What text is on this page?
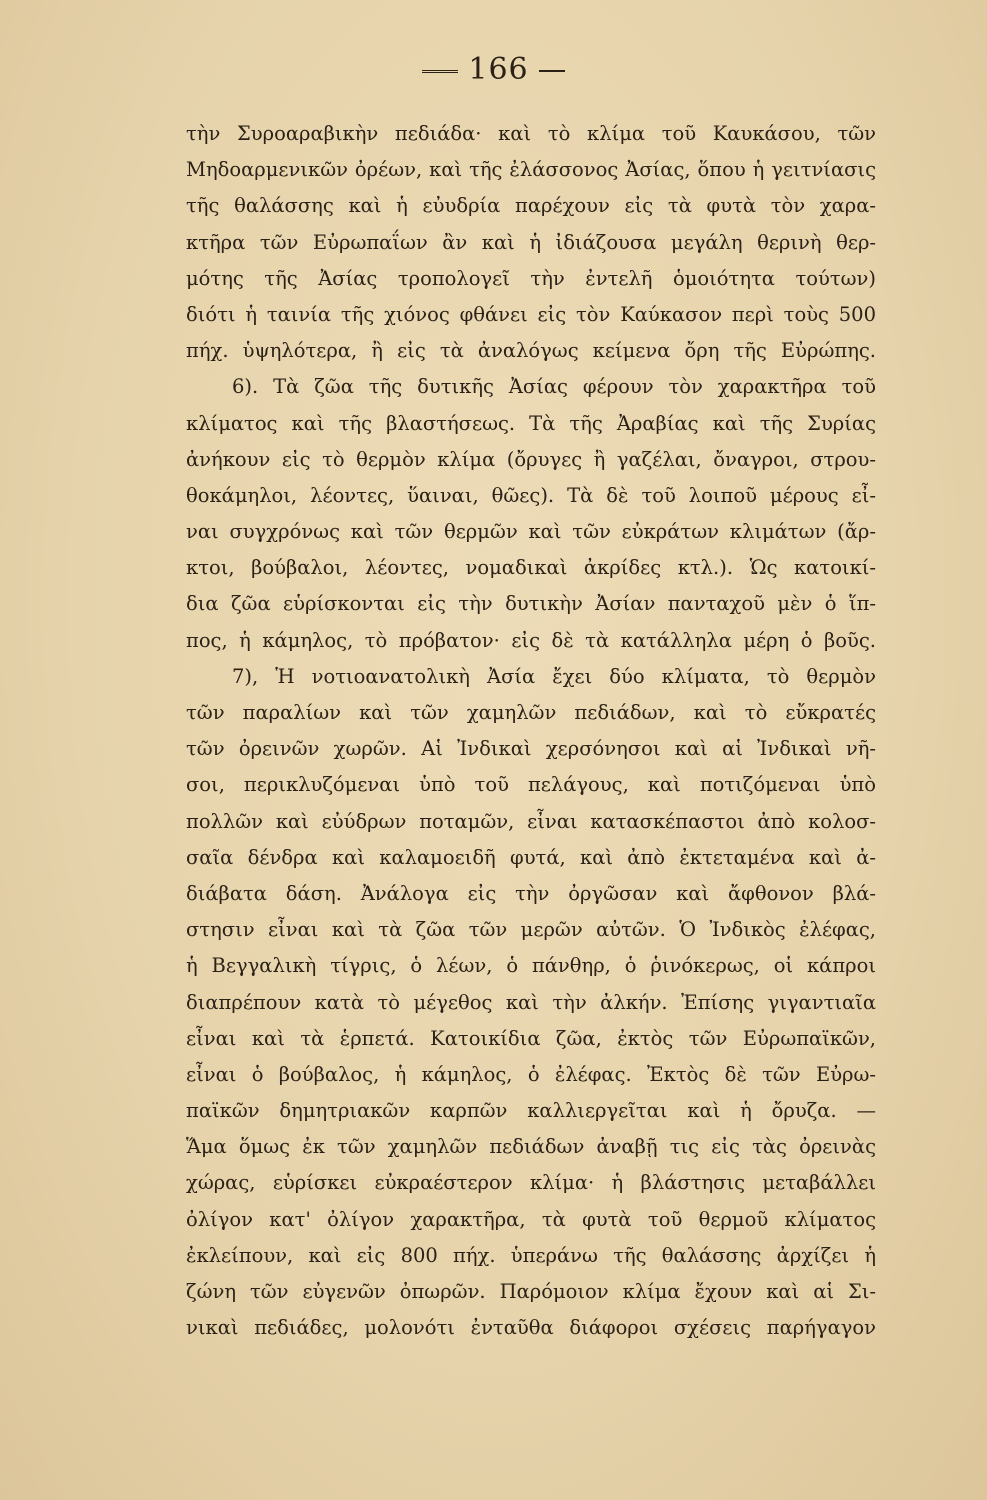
166
τὴν Συροαραβικὴν πεδιάδα· καὶ τὸ κλίμα τοῦ Καυκάσου, τῶν
Μηδοαρμενικῶν ὀρέων, καὶ τῆς ἐλάσσονος Ἀσίας, ὅπου ἡ γειτνίασις
τῆς θαλάσσης καὶ ἡ εὐυδρία παρέχουν εἰς τὰ φυτὰ τὸν χαρα-
κτῆρα τῶν Εὐρωπαΐων ἂν καὶ ἡ ἰδιάζουσα μεγάλη θερινὴ θερ-
μότης τῆς Ἀσίας τροπολογεῖ τὴν ἐντελῆ ὁμοιότητα τούτων)
διότι ἡ ταινία τῆς χιόνος φθάνει εἰς τὸν Καύκασον περὶ τοὺς 500
πήχ. ὑψηλότερα, ἢ εἰς τὰ ἀναλόγως κείμενα ὄρη τῆς Εὐρώπης.
6). Τὰ ζῶα τῆς δυτικῆς Ἀσίας φέρουν τὸν χαρακτῆρα τοῦ
κλίματος καὶ τῆς βλαστήσεως. Τὰ τῆς Ἀραβίας καὶ τῆς Συρίας
ἀνήκουν εἰς τὸ θερμὸν κλίμα (ὄρυγες ἢ γαζέλαι, ὄναγροι, στρου-
θοκάμηλοι, λέοντες, ὕαιναι, θῶες). Τὰ δὲ τοῦ λοιποῦ μέρους εἶ-
ναι συγχρόνως καὶ τῶν θερμῶν καὶ τῶν εὐκράτων κλιμάτων (ἄρ-
κτοι, βούβαλοι, λέοντες, νομαδικαὶ ἀκρίδες κτλ.). Ὡς κατοικί-
δια ζῶα εὑρίσκονται εἰς τὴν δυτικὴν Ἀσίαν πανταχοῦ μὲν ὁ ἵπ-
πος, ἡ κάμηλος, τὸ πρόβατον· εἰς δὲ τὰ κατάλληλα μέρη ὁ βοῦς.
7), Ἡ νοτιοανατολικὴ Ἀσία ἔχει δύο κλίματα, τὸ θερμὸν
τῶν παραλίων καὶ τῶν χαμηλῶν πεδιάδων, καὶ τὸ εὔκρατές
τῶν ὀρεινῶν χωρῶν. Αἱ Ἰνδικαὶ χερσόνησοι καὶ αἱ Ἰνδικαὶ νῆ-
σοι, περικλυζόμεναι ὑπὸ τοῦ πελάγους, καὶ ποτιζόμεναι ὑπὸ
πολλῶν καὶ εὐύδρων ποταμῶν, εἶναι κατασκέπαστοι ἀπὸ κολοσ-
σαῖα δένδρα καὶ καλαμοειδῆ φυτά, καὶ ἀπὸ ἐκτεταμένα καὶ ἀ-
διάβατα δάση. Ἀνάλογα εἰς τὴν ὀργῶσαν καὶ ἄφθονον βλά-
στησιν εἶναι καὶ τὰ ζῶα τῶν μερῶν αὐτῶν. Ὁ Ἰνδικὸς ἐλέφας,
ἡ Βεγγαλικὴ τίγρις, ὁ λέων, ὁ πάνθηρ, ὁ ῥινόκερως, οἱ κάπροι
διαπρέπουν κατὰ τὸ μέγεθος καὶ τὴν ἀλκήν. Ἐπίσης γιγαντιαῖα
εἶναι καὶ τὰ ἑρπετά. Κατοικίδια ζῶα, ἐκτὸς τῶν Εὐρωπαϊκῶν,
εἶναι ὁ βούβαλος, ἡ κάμηλος, ὁ ἐλέφας. Ἐκτὸς δὲ τῶν Εὐρω-
παϊκῶν δημητριακῶν καρπῶν καλλιεργεῖται καὶ ἡ ὄρυζα. —
Ἅμα ὅμως ἐκ τῶν χαμηλῶν πεδιάδων ἀναβῇ τις εἰς τὰς ὀρεινὰς
χώρας, εὑρίσκει εὐκραέστερον κλίμα· ἡ βλάστησις μεταβάλλει
ὀλίγον κατ' ὀλίγον χαρακτῆρα, τὰ φυτὰ τοῦ θερμοῦ κλίματος
ἐκλείπουν, καὶ εἰς 800 πήχ. ὑπεράνω τῆς θαλάσσης ἀρχίζει ἡ
ζώνη τῶν εὐγενῶν ὀπωρῶν. Παρόμοιον κλίμα ἔχουν καὶ αἱ Σι-
νικαὶ πεδιάδες, μολονότι ἐνταῦθα διάφοροι σχέσεις παρήγαγον
